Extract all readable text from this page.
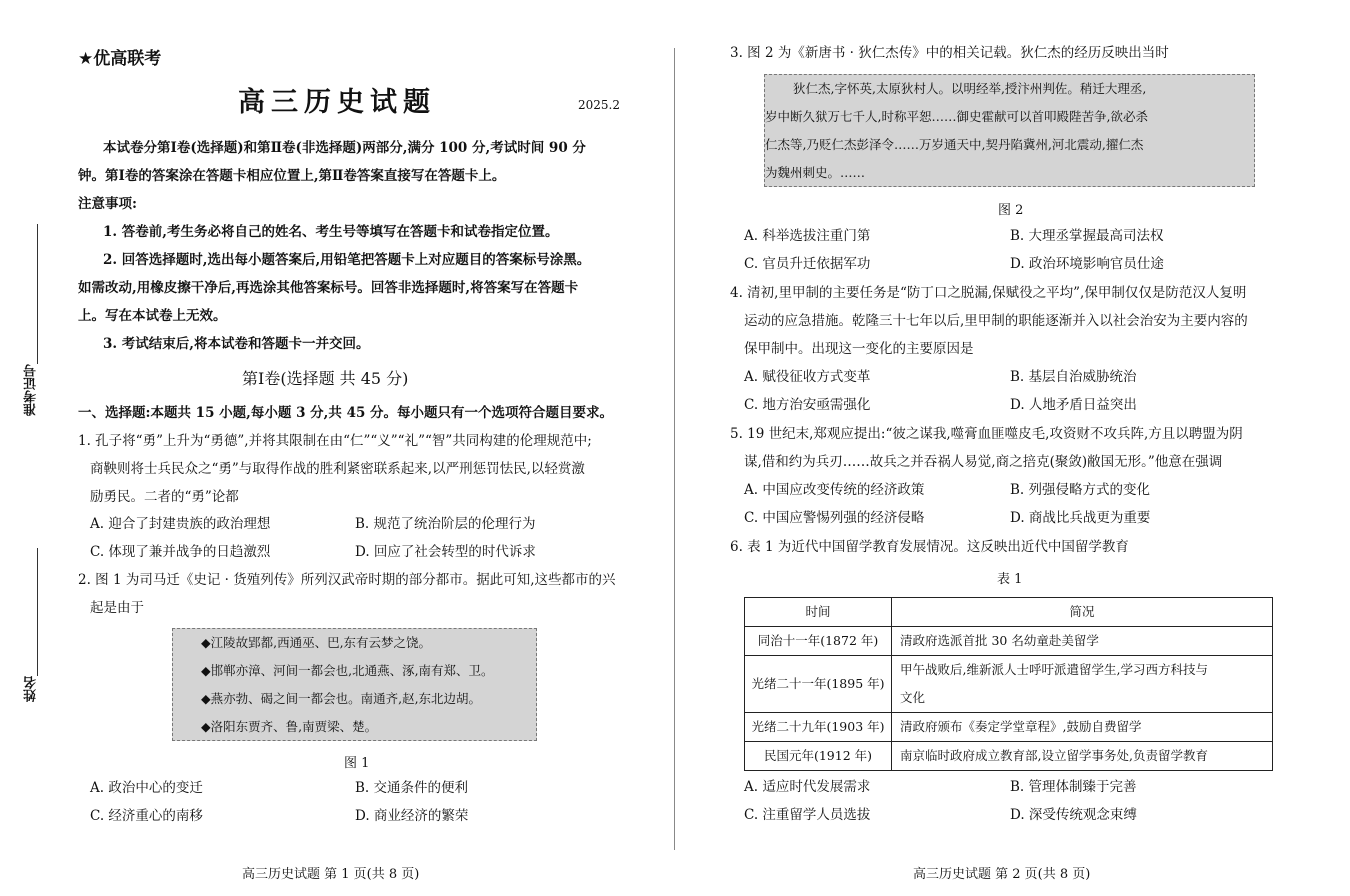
★优高联考
高三历史试题	2025.2
本试卷分第Ⅰ卷(选择题)和第Ⅱ卷(非选择题)两部分,满分 100 分,考试时间 90 分
钟。第Ⅰ卷的答案涂在答题卡相应位置上,第Ⅱ卷答案直接写在答题卡上。
注意事项:
1. 答卷前,考生务必将自己的姓名、考生号等填写在答题卡和试卷指定位置。
2. 回答选择题时,选出每小题答案后,用铅笔把答题卡上对应题目的答案标号涂黑。
如需改动,用橡皮擦干净后,再选涂其他答案标号。回答非选择题时,将答案写在答题卡
上。写在本试卷上无效。
3. 考试结束后,将本试卷和答题卡一并交回。
第Ⅰ卷(选择题 共 45 分)
一、选择题:本题共 15 小题,每小题 3 分,共 45 分。每小题只有一个选项符合题目要求。
1. 孔子将“勇”上升为“勇德”,并将其限制在由“仁”“义”“礼”“智”共同构建的伦理规范中;
商鞅则将士兵民众之“勇”与取得作战的胜利紧密联系起来,以严刑惩罚怯民,以轻赏激
励勇民。二者的“勇”论都
A. 迎合了封建贵族的政治理想	B. 规范了统治阶层的伦理行为
C. 体现了兼并战争的日趋激烈	D. 回应了社会转型的时代诉求
2. 图 1 为司马迁《史记 · 货殖列传》所列汉武帝时期的部分都市。据此可知,这些都市的兴
起是由于
◆江陵故郢都,西通巫、巴,东有云梦之饶。
◆邯郸亦漳、河间一都会也,北通燕、涿,南有郑、卫。
◆燕亦勃、碣之间一都会也。南通齐,赵,东北边胡。
◆洛阳东贾齐、鲁,南贾梁、楚。
图 1
A. 政治中心的变迁	B. 交通条件的便利
C. 经济重心的南移	D. 商业经济的繁荣
高三历史试题 第 1 页(共 8 页)
准考证号
姓名
3. 图 2 为《新唐书 · 狄仁杰传》中的相关记载。狄仁杰的经历反映出当时
狄仁杰,字怀英,太原狄村人。以明经举,授汴州判佐。稍迁大理丞,
岁中断久狱万七千人,时称平恕……御史霍献可以首叩殿陛苦争,欲必杀
仁杰等,乃贬仁杰彭泽令……万岁通天中,契丹陷冀州,河北震动,擢仁杰
为魏州刺史。……
图 2
A. 科举选拔注重门第	B. 大理丞掌握最高司法权
C. 官员升迁依据军功	D. 政治环境影响官员仕途
4. 清初,里甲制的主要任务是“防丁口之脱漏,保赋役之平均”,保甲制仅仅是防范汉人复明
运动的应急措施。乾隆三十七年以后,里甲制的职能逐渐并入以社会治安为主要内容的
保甲制中。出现这一变化的主要原因是
A. 赋役征收方式变革	B. 基层自治威胁统治
C. 地方治安亟需强化	D. 人地矛盾日益突出
5. 19 世纪末,郑观应提出:“彼之谋我,噬膏血匪噬皮毛,攻资财不攻兵阵,方且以聘盟为阴
谋,借和约为兵刃……故兵之并吞祸人易觉,商之掊克(聚敛)敝国无形。”他意在强调
A. 中国应改变传统的经济政策	B. 列强侵略方式的变化
C. 中国应警惕列强的经济侵略	D. 商战比兵战更为重要
6. 表 1 为近代中国留学教育发展情况。这反映出近代中国留学教育
表 1
时间	简况
同治十一年(1872 年)	清政府选派首批 30 名幼童赴美留学
光绪二十一年(1895 年)	甲午战败后,维新派人士呼吁派遣留学生,学习西方科技与
文化

光绪二十九年(1903 年)	清政府颁布《奏定学堂章程》,鼓励自费留学
民国元年(1912 年)	南京临时政府成立教育部,设立留学事务处,负责留学教育
A. 适应时代发展需求	B. 管理体制臻于完善
C. 注重留学人员选拔	D. 深受传统观念束缚
高三历史试题 第 2 页(共 8 页)
